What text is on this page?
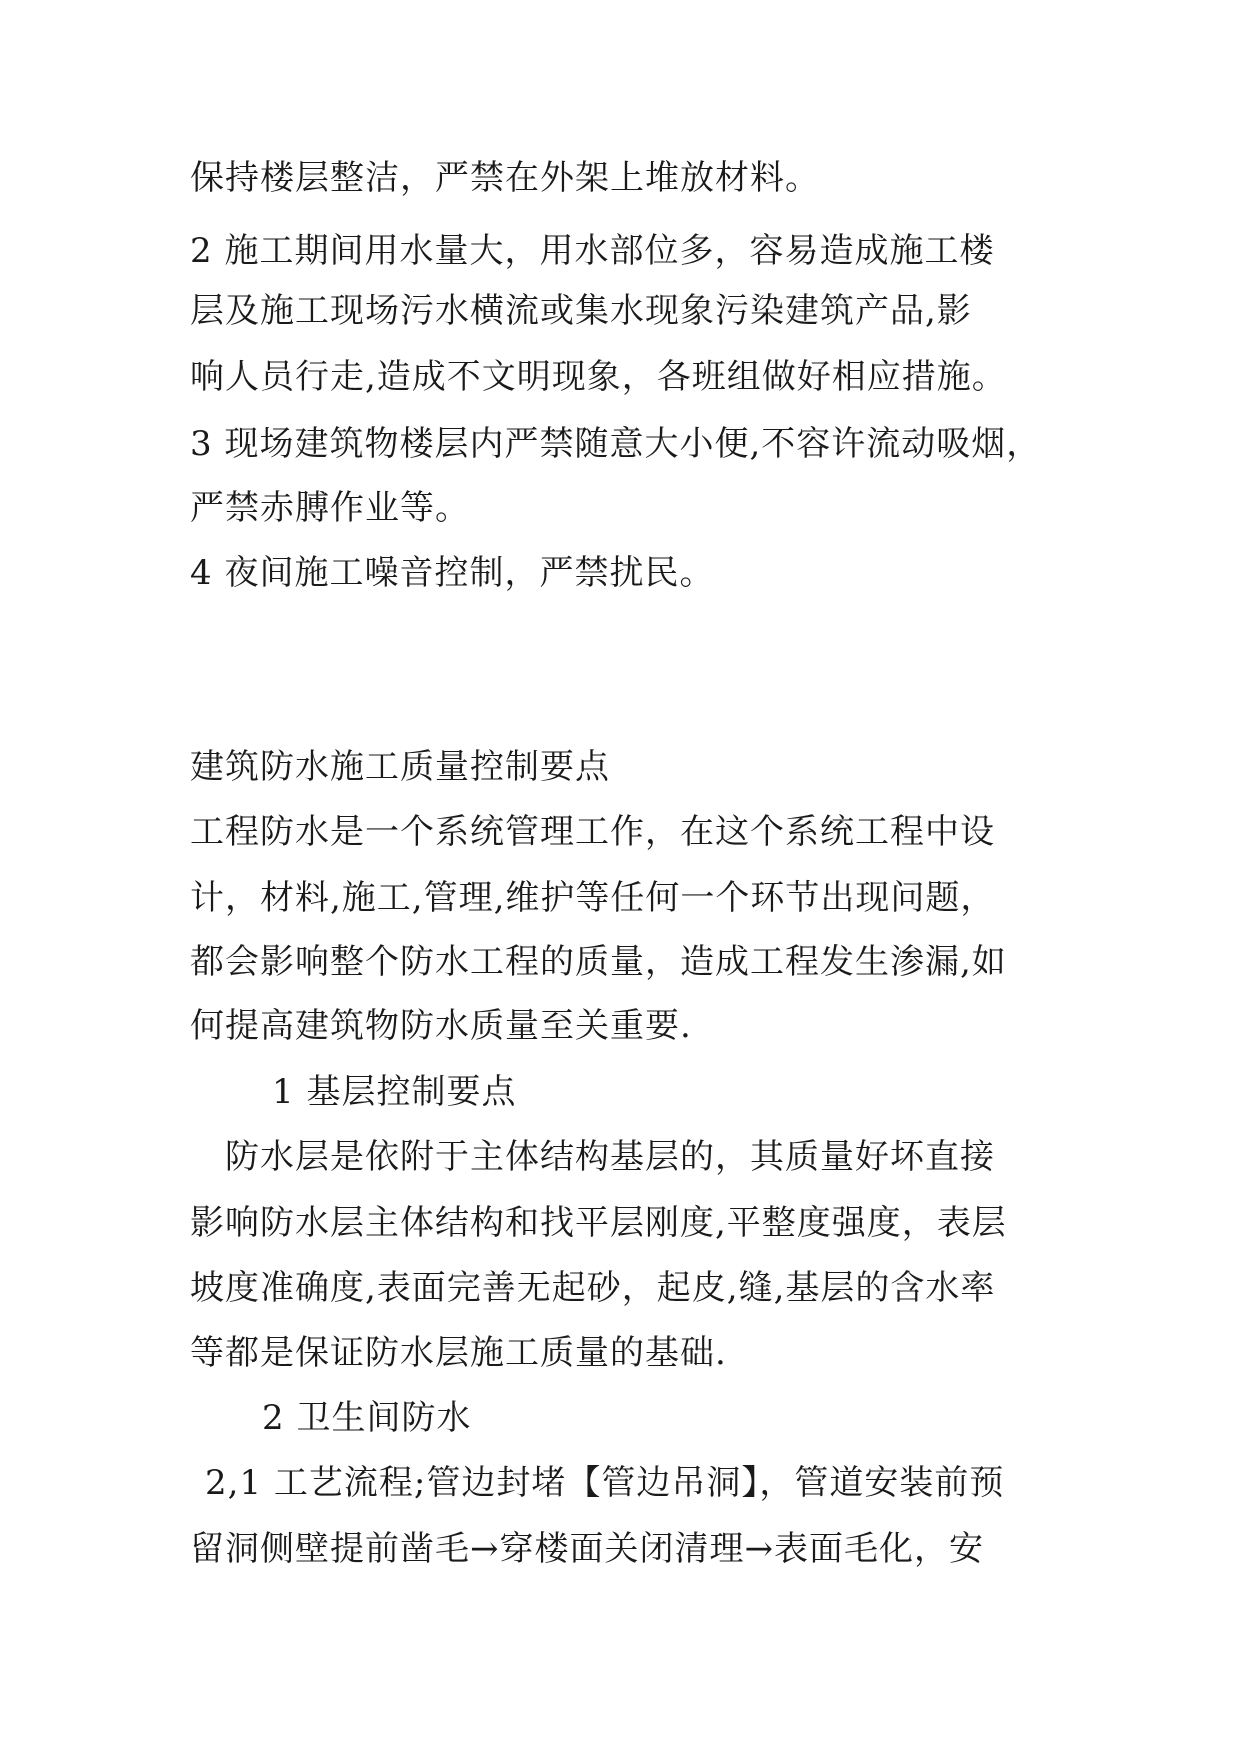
保持楼层整洁，严禁在外架上堆放材料。
2 施工期间用水量大，用水部位多，容易造成施工楼
层及施工现场污水横流或集水现象污染建筑产品,影
响人员行走,造成不文明现象，各班组做好相应措施。
3 现场建筑物楼层内严禁随意大小便,不容许流动吸烟，
严禁赤膊作业等。
4 夜间施工噪音控制，严禁扰民。
建筑防水施工质量控制要点
工程防水是一个系统管理工作，在这个系统工程中设
计，材料,施工,管理,维护等任何一个环节出现问题，
都会影响整个防水工程的质量，造成工程发生渗漏,如
何提高建筑物防水质量至关重要.
1 基层控制要点
防水层是依附于主体结构基层的，其质量好坏直接
影响防水层主体结构和找平层刚度,平整度强度，表层
坡度准确度,表面完善无起砂，起皮,缝,基层的含水率
等都是保证防水层施工质量的基础.
2 卫生间防水
2,1 工艺流程;管边封堵【管边吊洞】，管道安装前预
留洞侧壁提前凿毛→穿楼面关闭清理→表面毛化，安
